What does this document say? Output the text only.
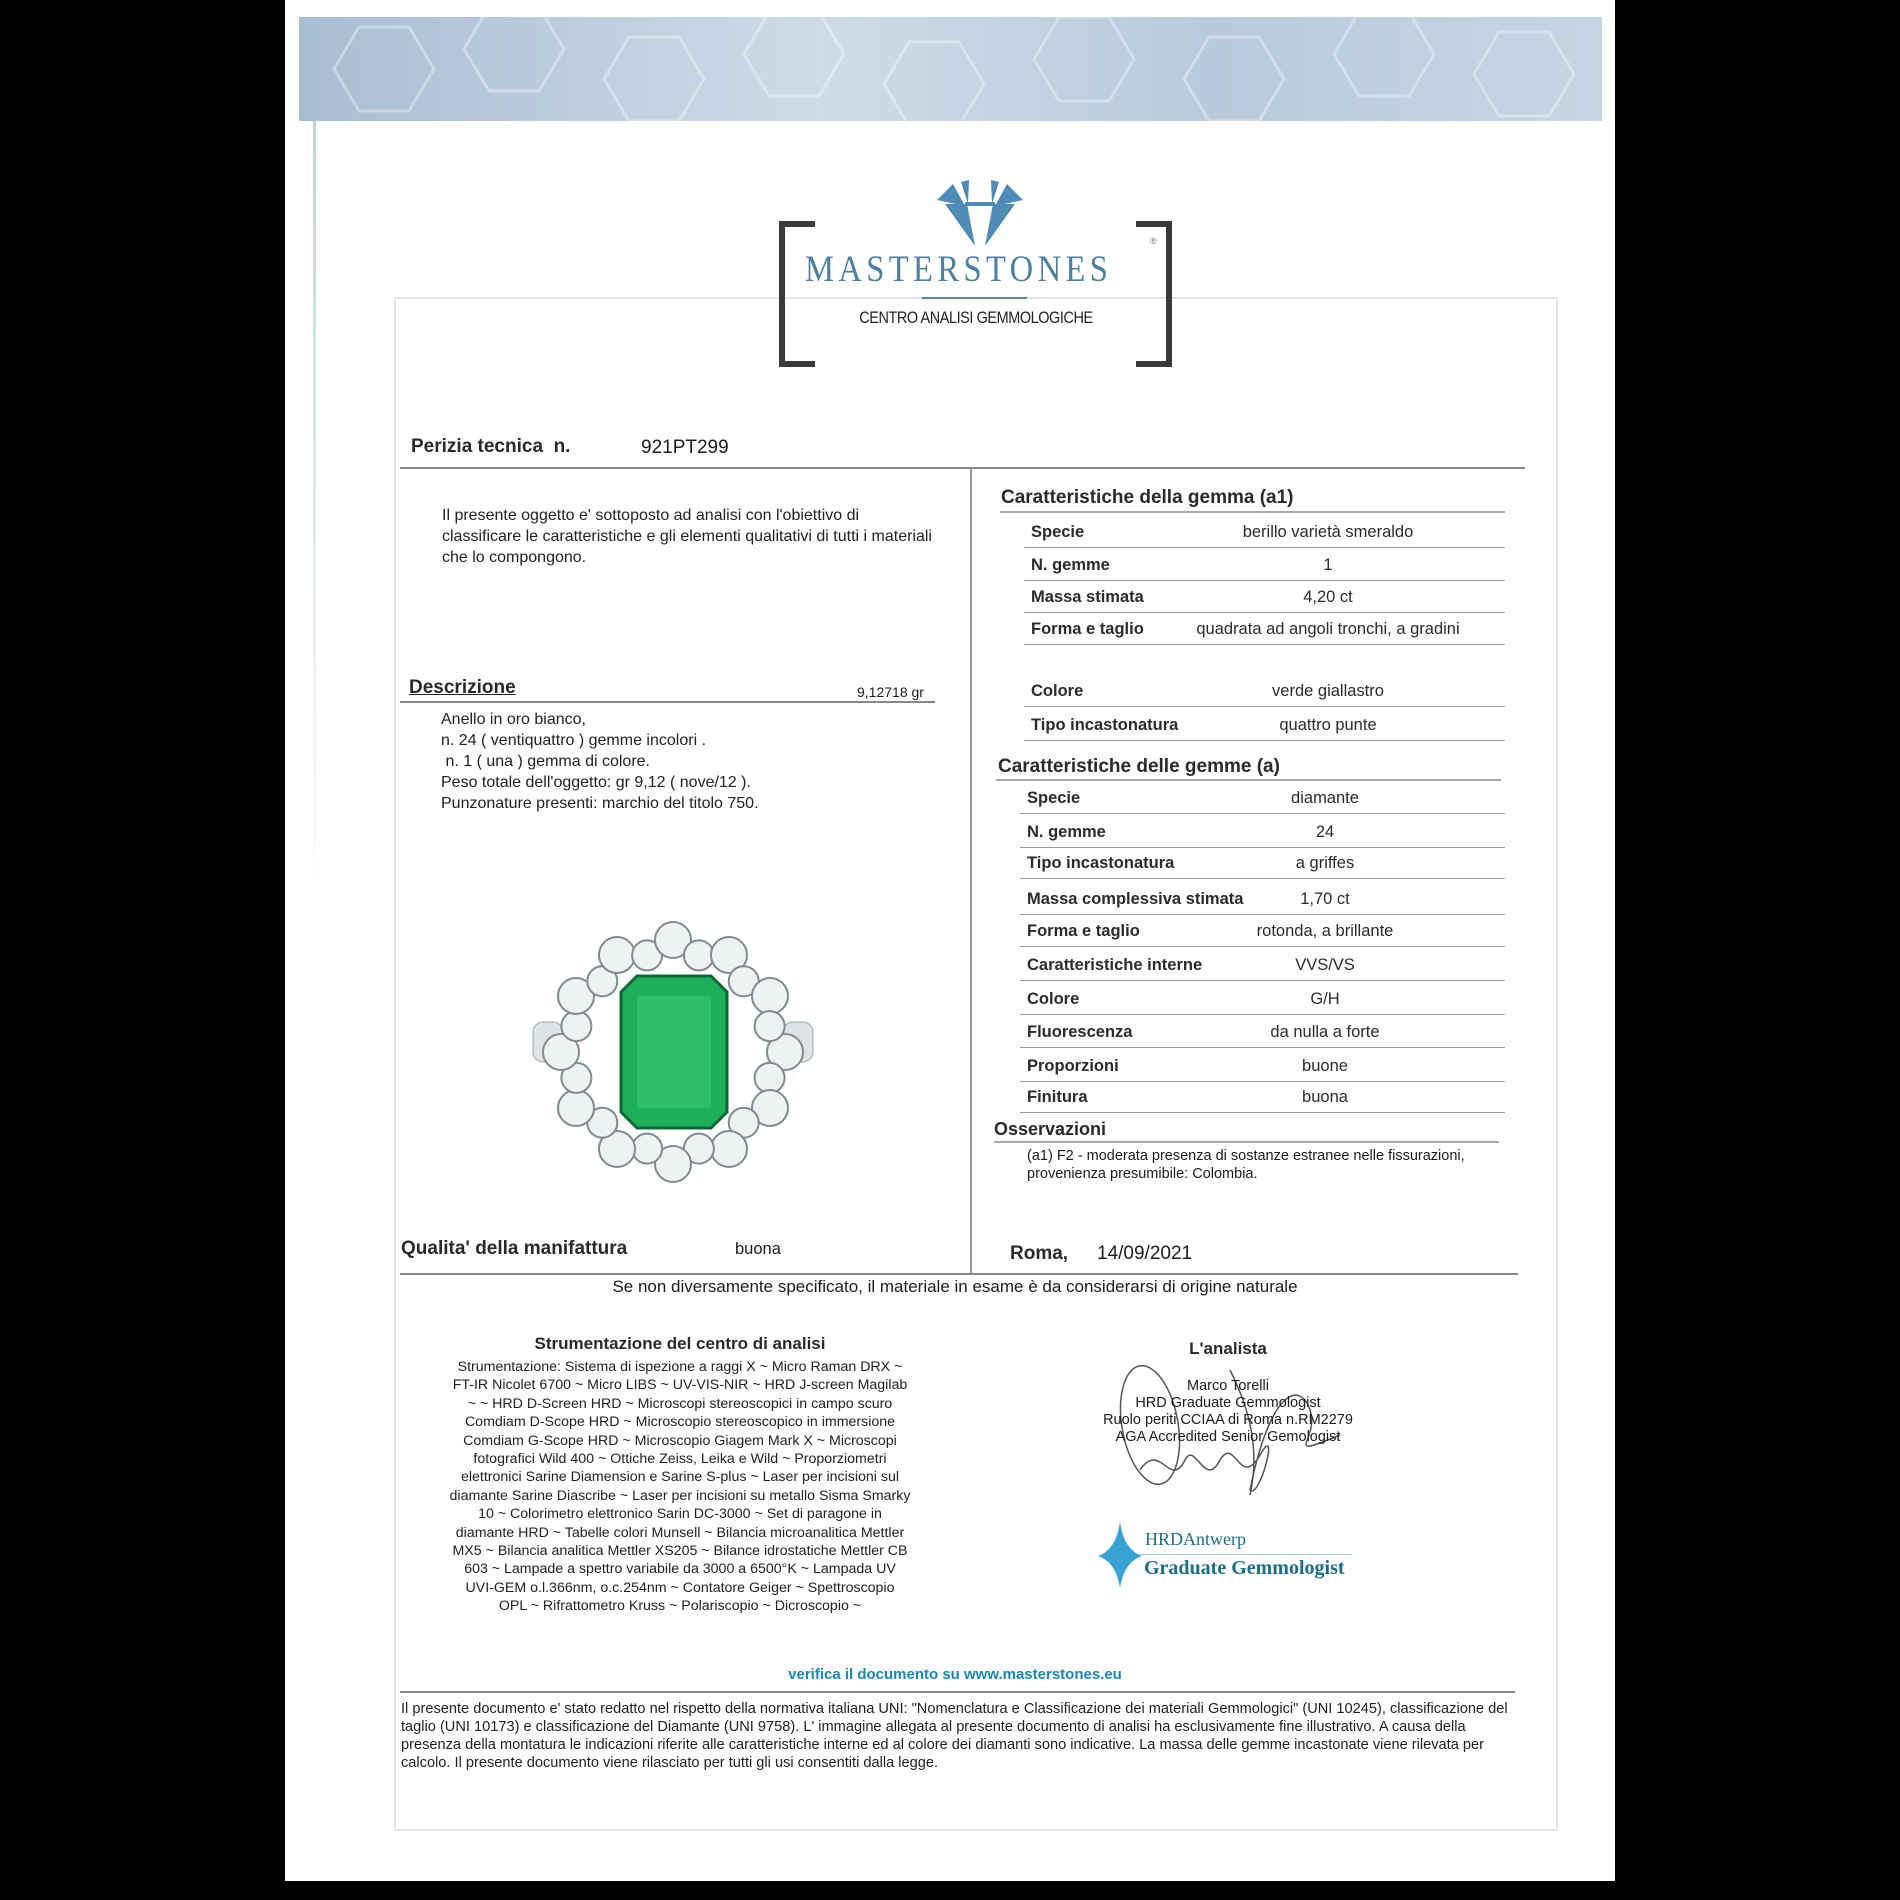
MASTERSTONES
®
CENTRO ANALISI GEMMOLOGICHE
Perizia tecnica  n.	921PT299
Il presente oggetto e' sottoposto ad analisi con l'obiettivo di classificare le caratteristiche e gli elementi qualitativi di tutti i materiali che lo compongono.
Descrizione	9,12718 gr
Anello in oro bianco,
n. 24 ( ventiquattro ) gemme incolori .
n. 1 ( una ) gemma di colore.
Peso totale dell'oggetto: gr 9,12 ( nove/12 ).
Punzonature presenti: marchio del titolo 750.
Caratteristiche della gemma (a1)
Caratteristiche delle gemme (a)
Osservazioni
(a1) F2 - moderata presenza di sostanze estranee nelle fissurazioni,
provenienza presumibile: Colombia.
Qualita' della manifattura	buona	Roma, 14/09/2021
Se non diversamente specificato, il materiale in esame è da considerarsi di origine naturale
Strumentazione del centro di analisi
Strumentazione: Sistema di ispezione a raggi X ~ Micro Raman DRX ~
FT-IR Nicolet 6700 ~ Micro LIBS ~ UV-VIS-NIR ~ HRD J-screen Magilab
~ ~ HRD D-Screen HRD ~ Microscopi stereoscopici in campo scuro
Comdiam D-Scope HRD ~ Microscopio stereoscopico in immersione
Comdiam G-Scope HRD ~ Microscopio Giagem Mark X ~ Microscopi
fotografici Wild 400 ~ Ottiche Zeiss, Leika e Wild ~ Proporziometri
elettronici Sarine Diamension e Sarine S-plus ~ Laser per incisioni sul
diamante Sarine Diascribe ~ Laser per incisioni su metallo Sisma Smarky
10 ~ Colorimetro elettronico Sarin DC-3000 ~ Set di paragone in
diamante HRD ~ Tabelle colori Munsell ~ Bilancia microanalitica Mettler
MX5 ~ Bilancia analitica Mettler XS205 ~ Bilance idrostatiche Mettler CB
603 ~ Lampade a spettro variabile da 3000 a 6500°K ~ Lampada UV
UVI-GEM o.l.366nm, o.c.254nm ~ Contatore Geiger ~ Spettroscopio
OPL ~ Rifrattometro Kruss ~ Polariscopio ~ Dicroscopio ~
L'analista
Marco Torelli
HRD Graduate Gemmologist
Ruolo periti CCIAA di Roma n.RM2279
AGA Accredited Senior Gemologist
HRDAntwerp
Graduate Gemmologist
verifica il documento su www.masterstones.eu
Il presente documento e' stato redatto nel rispetto della normativa italiana UNI: "Nomenclatura e Classificazione dei materiali Gemmologici" (UNI 10245), classificazione del taglio (UNI 10173) e classificazione del Diamante (UNI 9758). L' immagine allegata al presente documento di analisi ha esclusivamente fine illustrativo. A causa della presenza della montatura le indicazioni riferite alle caratteristiche interne ed al colore dei diamanti sono indicative. La massa delle gemme incastonate viene rilevata per calcolo. Il presente documento viene rilasciato per tutti gli usi consentiti dalla legge.
Specie	berillo varietà smeraldo
N. gemme	1
Massa stimata	4,20 ct
Forma e taglio	quadrata ad angoli tronchi, a gradini
Colore	verde giallastro
Tipo incastonatura	quattro punte
Specie	diamante
N. gemme	24
Tipo incastonatura	a griffes
Massa complessiva stimata	1,70 ct
Forma e taglio	rotonda, a brillante
Caratteristiche interne	VVS/VS
Colore	G/H
Fluorescenza	da nulla a forte
Proporzioni	buone
Finitura	buona
